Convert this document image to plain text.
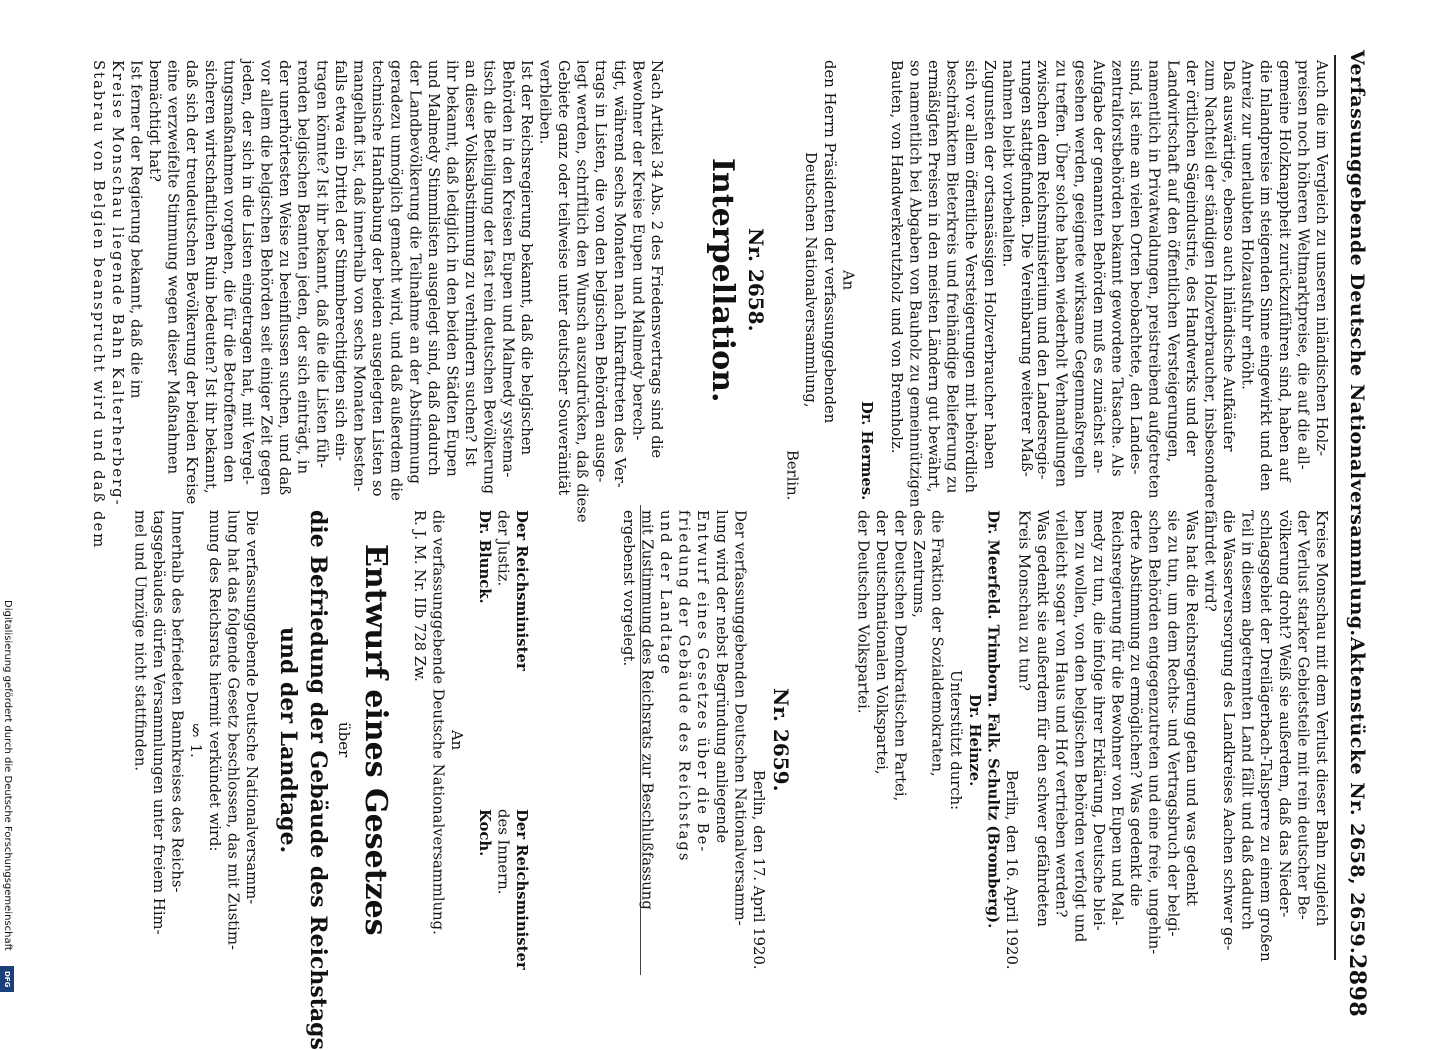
Verfassunggebende Deutsche Nationalversammlung.
Aktenstücke Nr. 2658, 2659.
2898

Auch die im Vergleich zu unseren inländischen Holz-

preisen noch höheren Weltmarktpreise, die auf die all-

gemeine Holzknappheit zurückzuführen sind, haben auf

die Inlandpreise im steigenden Sinne eingewirkt und den

Anreiz zur unerlaubten Holzausfuhr erhöht.

Daß auswärtige, ebenso auch inländische Aufkäufer

zum Nachteil der ständigen Holzverbraucher, insbesondere

der örtlichen Sägeindustrie, des Handwerks und der

Landwirtschaft auf den öffentlichen Versteigerungen,

namentlich in Privatwaldungen, preistreibend aufgetreten

sind, ist eine an vielen Orten beobachtete, den Landes-

zentralforstbehörden bekannt gewordene Tatsache. Als

Aufgabe der genannten Behörden muß es zunächst an-

gesehen werden, geeignete wirksame Gegenmaßregeln

zu treffen. Über solche haben wiederholt Verhandlungen

zwischen dem Reichsministerium und den Landesregie-

rungen stattgefunden. Die Vereinbarung weiterer Maß-

nahmen bleibt vorbehalten.

Zugunsten der ortsansässigen Holzverbraucher haben

sich vor allem öffentliche Versteigerungen mit behördlich

beschränktem Bieterkreis und freihändige Belieferung zu

ermäßigten Preisen in den meisten Ländern gut bewährt,

so namentlich bei Abgaben von Bauholz zu gemeinnützigen

Bauten, von Handwerkerutzholz und von Brennholz.

Dr. Hermes.

An

den Herrn Präsidenten der verfassunggebenden

Deutschen Nationalversammlung,

Berlin.

Nr. 2658.

Interpellation.

Nach Artikel 34 Abs. 2 des Friedensvertrags sind die

Bewohner der Kreise Eupen und Malmedy berech-

tigt, während sechs Monaten nach Inkrafttreten des Ver-

trags in Listen, die von den belgischen Behörden ausge-

legt werden, schriftlich den Wunsch auszudrücken, daß diese

Gebiete ganz oder teilweise unter deutscher Souveränität

verbleiben.

Ist der Reichsregierung bekannt, daß die belgischen

Behörden in den Kreisen Eupen und Malmedy systema-

tisch die Beteiligung der fast rein deutschen Bevölkerung

an dieser Volksabstimmung zu verhindern suchen? Ist

ihr bekannt, daß lediglich in den beiden Städten Eupen

und Malmedy Stimmlisten ausgelegt sind, daß dadurch

der Landbevölkerung die Teilnahme an der Abstimmung

geradezu unmöglich gemacht wird, und daß außerdem die

technische Handhabung der beiden ausgelegten Listen so

mangelhaft ist, daß innerhalb von sechs Monaten besten-

falls etwa ein Drittel der Stimmberechtigten sich ein-

tragen könnte? Ist ihr bekannt, daß die die Listen füh-

renden belgischen Beamten jeden, der sich einträgt, in

der unerhörtesten Weise zu beeinflussen suchen, und daß

vor allem die belgischen Behörden seit einiger Zeit gegen

jeden, der sich in die Listen eingetragen hat, mit Vergel-

tungsmaßnahmen vorgehen, die für die Betroffenen den

sicheren wirtschaftlichen Ruin bedeuten? Ist ihr bekannt,

daß sich der treudeutschen Bevölkerung der beiden Kreise

eine verzweifelte Stimmung wegen dieser Maßnahmen

bemächtigt hat?

Ist ferner der Regierung bekannt, daß die im

Kreise Monschau liegende Bahn Kalterherberg-

Stabrau von Belgien beansprucht wird und daß dem

Kreise Monschau mit dem Verlust dieser Bahn zugleich

der Verlust starker Gebietsteile mit rein deutscher Be-

völkerung droht? Weiß sie außerdem, daß das Nieder-

schlagsgebiet der Dreilägerbach-Talsperre zu einem großen

Teil in diesem abgetrennten Land fällt und daß dadurch

die Wasserversorgung des Landkreises Aachen schwer ge-

fährdet wird?

Was hat die Reichsregierung getan und was gedenkt

sie zu tun, um dem Rechts- und Vertragsbruch der belgi-

schen Behörden entgegenzutreten und eine freie, ungehin-

derte Abstimmung zu ermöglichen? Was gedenkt die

Reichsregierung für die Bewohner von Eupen und Mal-

medy zu tun, die infolge ihrer Erklärung, Deutsche blei-

ben zu wollen, von den belgischen Behörden verfolgt und

vielleicht sogar von Haus und Hof vertrieben werden?

Was gedenkt sie außerdem für den schwer gefährdeten

Kreis Monschau zu tun?

Berlin, den 16. April 1920.

Dr. Meerfeld. Trimborn. Falk. Schultz (Bromberg).

Dr. Heinze.

Unterstützt durch:

die Fraktion der Sozialdemokraten,

des Zentrums,

der Deutschen Demokratischen Partei,

der Deutschnationalen Volkspartei,

der Deutschen Volkspartei.

Nr. 2659.

Berlin, den 17. April 1920.

Der verfassunggebenden Deutschen Nationalversamm-

lung wird der nebst Begründung anliegende

Entwurf eines Gesetzes über die Be-

friedung der Gebäude des Reichstags

und der Landtage

mit Zustimmung des Reichsrats zur Beschlußfassung

ergebenst vorgelegt.

Der Reichsminister

der Justiz.

Dr. Blunck.

Der Reichsminister

des Innern.

Koch.

An

die verfassunggebende Deutsche Nationalversammlung.

R. J. M. Nr. IIb 728 Zw.

Entwurf eines Gesetzes

über

die Befriedung der Gebäude des Reichstags

und der Landtage.

Die verfassunggebende Deutsche Nationalversamm-

lung hat das folgende Gesetz beschlossen, das mit Zustim-

mung des Reichsrats hiermit verkündet wird:

§ 1.

Innerhalb des befriedeten Bannkreises des Reichs-

tagsgebäudes dürfen Versammlungen unter freiem Him-

mel und Umzüge nicht stattfinden.

Digitalisierung gefördert durch die Deutsche Forschungsgemeinschaft
DFG
